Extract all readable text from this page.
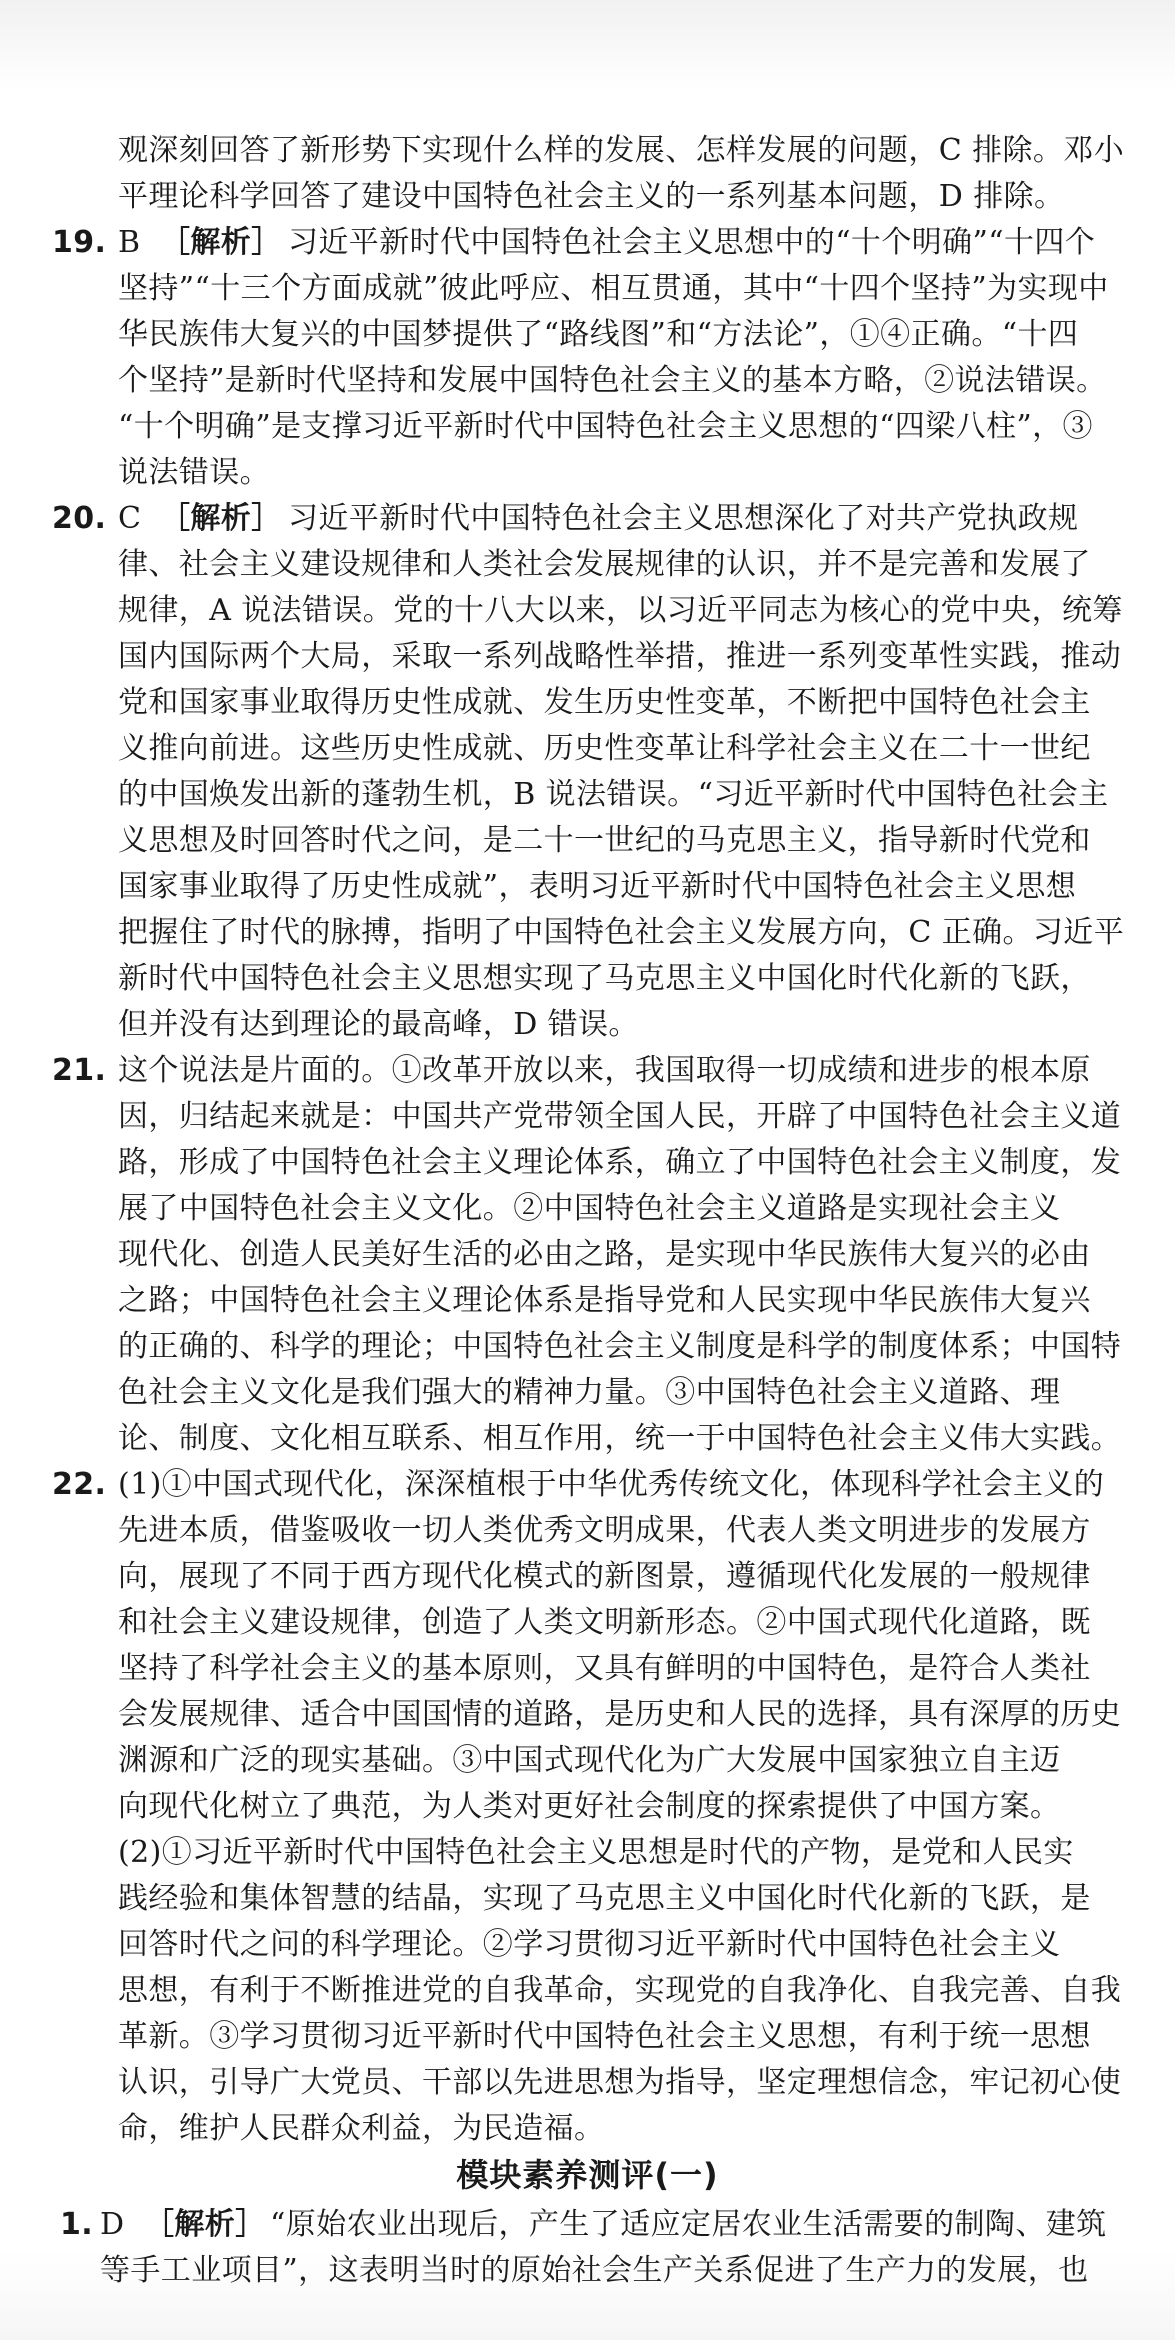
观深刻回答了新形势下实现什么样的发展、怎样发展的问题，C 排除。邓小
平理论科学回答了建设中国特色社会主义的一系列基本问题，D 排除。
19. B ［解析］ 习近平新时代中国特色社会主义思想中的“十个明确”“十四个
坚持”“十三个方面成就”彼此呼应、相互贯通，其中“十四个坚持”为实现中
华民族伟大复兴的中国梦提供了“路线图”和“方法论”，①④正确。“十四
个坚持”是新时代坚持和发展中国特色社会主义的基本方略，②说法错误。
“十个明确”是支撑习近平新时代中国特色社会主义思想的“四梁八柱”，③
说法错误。
20. C ［解析］ 习近平新时代中国特色社会主义思想深化了对共产党执政规
律、社会主义建设规律和人类社会发展规律的认识，并不是完善和发展了
规律，A 说法错误。党的十八大以来，以习近平同志为核心的党中央，统筹
国内国际两个大局，采取一系列战略性举措，推进一系列变革性实践，推动
党和国家事业取得历史性成就、发生历史性变革，不断把中国特色社会主
义推向前进。这些历史性成就、历史性变革让科学社会主义在二十一世纪
的中国焕发出新的蓬勃生机，B 说法错误。“习近平新时代中国特色社会主
义思想及时回答时代之问，是二十一世纪的马克思主义，指导新时代党和
国家事业取得了历史性成就”，表明习近平新时代中国特色社会主义思想
把握住了时代的脉搏，指明了中国特色社会主义发展方向，C 正确。习近平
新时代中国特色社会主义思想实现了马克思主义中国化时代化新的飞跃，
但并没有达到理论的最高峰，D 错误。
21. 这个说法是片面的。①改革开放以来，我国取得一切成绩和进步的根本原
因，归结起来就是：中国共产党带领全国人民，开辟了中国特色社会主义道
路，形成了中国特色社会主义理论体系，确立了中国特色社会主义制度，发
展了中国特色社会主义文化。②中国特色社会主义道路是实现社会主义
现代化、创造人民美好生活的必由之路，是实现中华民族伟大复兴的必由
之路；中国特色社会主义理论体系是指导党和人民实现中华民族伟大复兴
的正确的、科学的理论；中国特色社会主义制度是科学的制度体系；中国特
色社会主义文化是我们强大的精神力量。③中国特色社会主义道路、理
论、制度、文化相互联系、相互作用，统一于中国特色社会主义伟大实践。
22. (1)①中国式现代化，深深植根于中华优秀传统文化，体现科学社会主义的
先进本质，借鉴吸收一切人类优秀文明成果，代表人类文明进步的发展方
向，展现了不同于西方现代化模式的新图景，遵循现代化发展的一般规律
和社会主义建设规律，创造了人类文明新形态。②中国式现代化道路，既
坚持了科学社会主义的基本原则，又具有鲜明的中国特色，是符合人类社
会发展规律、适合中国国情的道路，是历史和人民的选择，具有深厚的历史
渊源和广泛的现实基础。③中国式现代化为广大发展中国家独立自主迈
向现代化树立了典范，为人类对更好社会制度的探索提供了中国方案。
(2)①习近平新时代中国特色社会主义思想是时代的产物，是党和人民实
践经验和集体智慧的结晶，实现了马克思主义中国化时代化新的飞跃，是
回答时代之问的科学理论。②学习贯彻习近平新时代中国特色社会主义
思想，有利于不断推进党的自我革命，实现党的自我净化、自我完善、自我
革新。③学习贯彻习近平新时代中国特色社会主义思想，有利于统一思想
认识，引导广大党员、干部以先进思想为指导，坚定理想信念，牢记初心使
命，维护人民群众利益，为民造福。
模块素养测评(一)
1. D ［解析］ “原始农业出现后，产生了适应定居农业生活需要的制陶、建筑
等手工业项目”，这表明当时的原始社会生产关系促进了生产力的发展，也
